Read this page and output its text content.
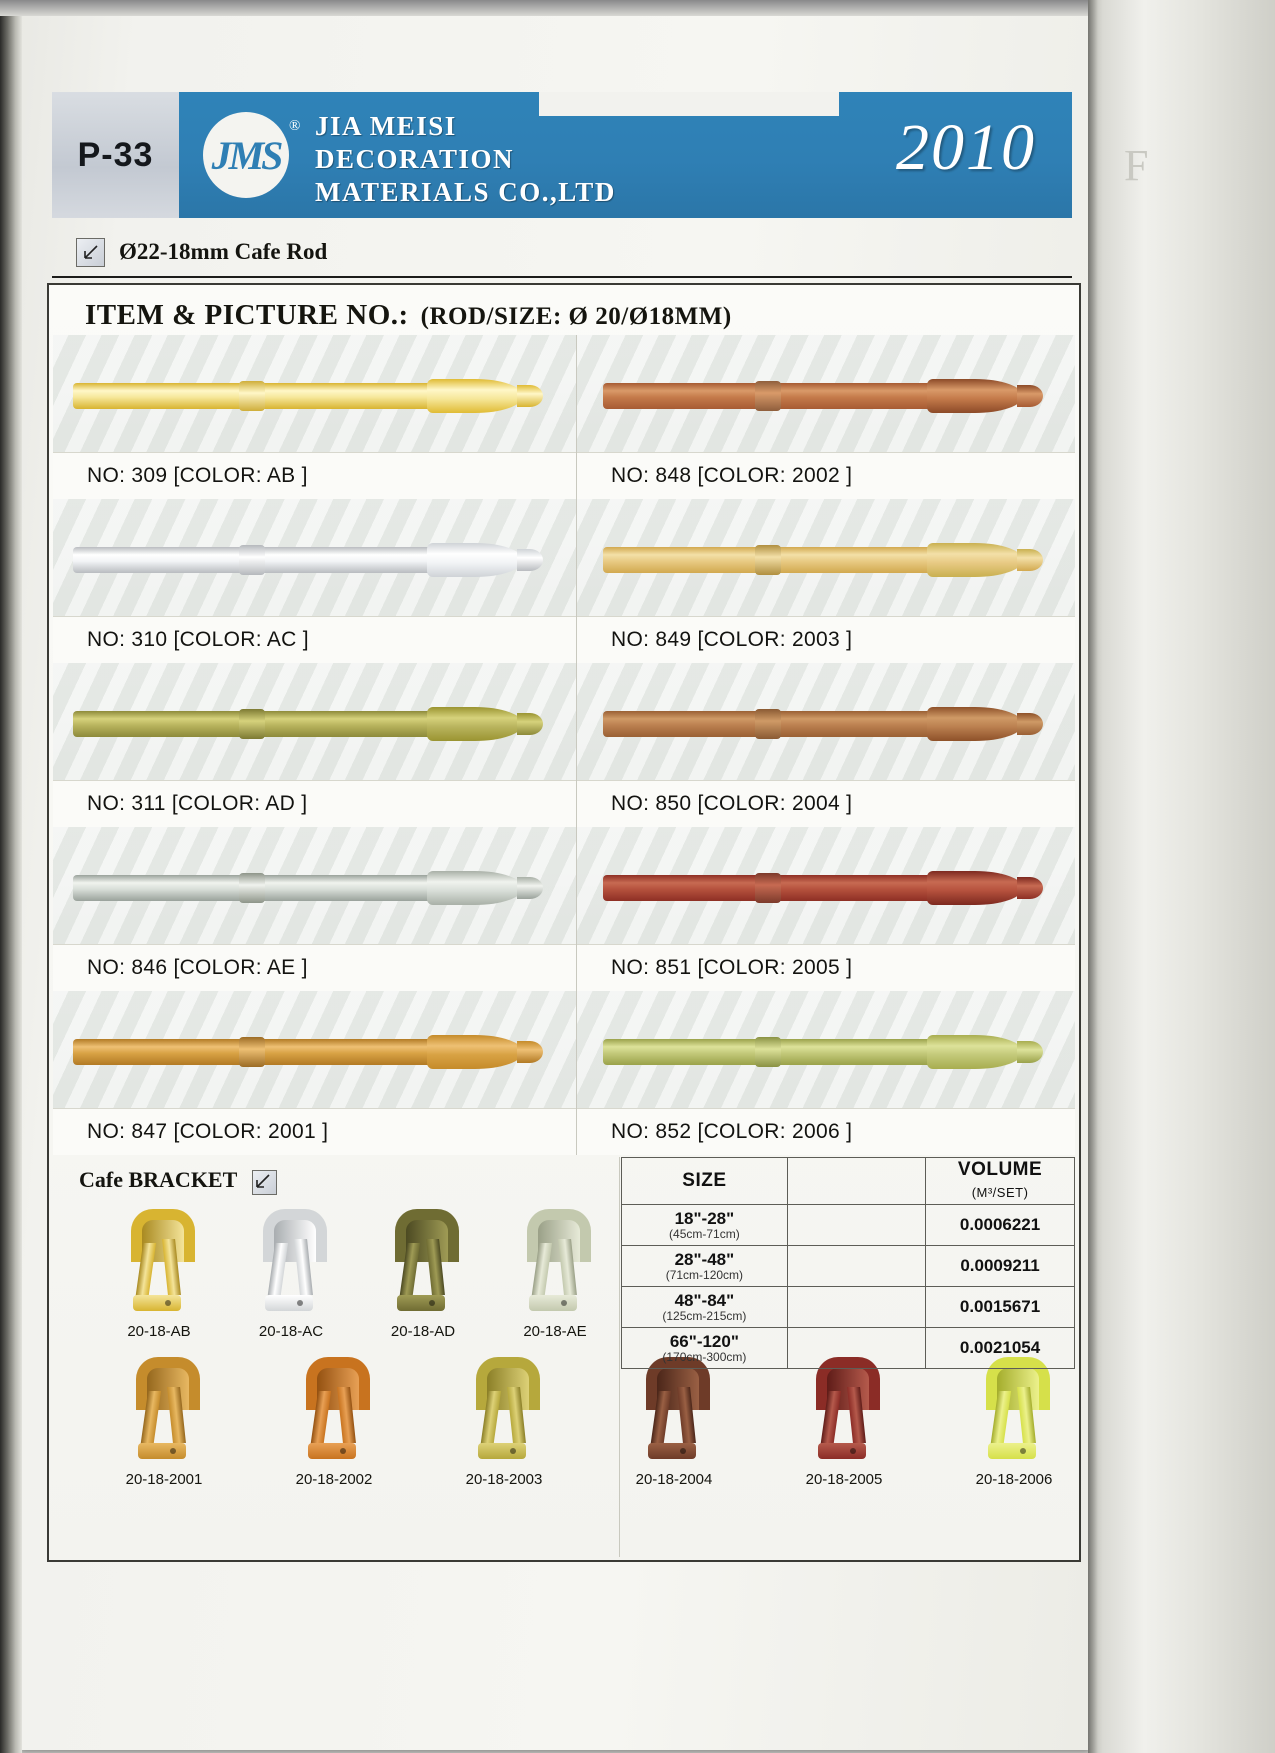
F
P-33	JMS
® JIA MEISI
DECORATION
MATERIALS CO.,LTD
2010
Ø22-18mm Cafe Rod
ITEM & PICTURE NO.: (ROD/SIZE: Ø 20/Ø18MM)
NO: 309 [COLOR: AB ]	NO: 848 [COLOR: 2002 ]
NO: 310 [COLOR: AC ]	NO: 849 [COLOR: 2003 ]
NO: 311 [COLOR: AD ]	NO: 850 [COLOR: 2004 ]
NO: 846 [COLOR: AE ]	NO: 851 [COLOR: 2005 ]
NO: 847 [COLOR: 2001 ]	NO: 852 [COLOR: 2006 ]
Cafe BRACKET
20-18-AB	20-18-AC	20-18-AD	20-18-AE
20-18-2001	20-18-2002	20-18-2003	20-18-2004	20-18-2005	20-18-2006
SIZE		VOLUME (M³/SET)
18"-28"
(45cm-71cm)		0.0006221
28"-48"
(71cm-120cm)		0.0009211
48"-84"
(125cm-215cm)		0.0015671
66"-120"
(170cm-300cm)		0.0021054
